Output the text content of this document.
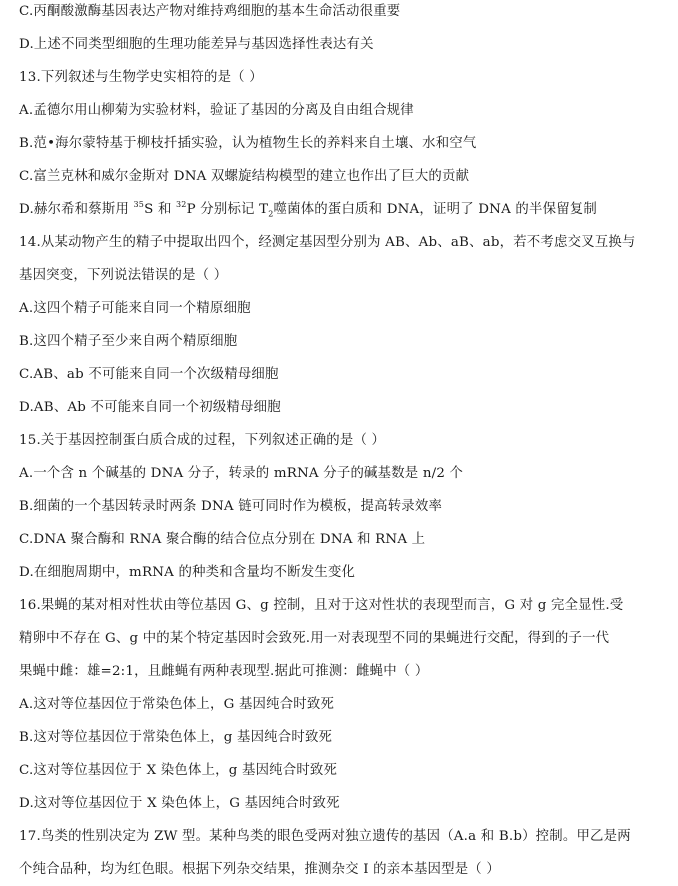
C.丙酮酸激酶基因表达产物对维持鸡细胞的基本生命活动很重要
D.上述不同类型细胞的生理功能差异与基因选择性表达有关
13.下列叙述与生物学史实相符的是（ ）
A.孟德尔用山柳菊为实验材料，验证了基因的分离及自由组合规律
B.范•海尔蒙特基于柳枝扦插实验，认为植物生长的养料来自土壤、水和空气
C.富兰克林和威尔金斯对 DNA 双螺旋结构模型的建立也作出了巨大的贡献
D.赫尔希和蔡斯用 $^{35}$S 和 $^{32}$P 分别标记 $T_2$噬菌体的蛋白质和 DNA，证明了 DNA 的半保留复制
14.从某动物产生的精子中提取出四个，经测定基因型分别为 AB、Ab、aB、ab，若不考虑交叉互换与
基因突变，下列说法错误的是（ ）
A.这四个精子可能来自同一个精原细胞
B.这四个精子至少来自两个精原细胞
C.AB、ab 不可能来自同一个次级精母细胞
D.AB、Ab 不可能来自同一个初级精母细胞
15.关于基因控制蛋白质合成的过程，下列叙述正确的是（ ）
A.一个含 n 个碱基的 DNA 分子，转录的 mRNA 分子的碱基数是 n/2 个
B.细菌的一个基因转录时两条 DNA 链可同时作为模板，提高转录效率
C.DNA 聚合酶和 RNA 聚合酶的结合位点分别在 DNA 和 RNA 上
D.在细胞周期中，mRNA 的种类和含量均不断发生变化
16.果蝇的某对相对性状由等位基因 G、g 控制，且对于这对性状的表现型而言，G 对 g 完全显性.受
精卵中不存在 G、g 中的某个特定基因时会致死.用一对表现型不同的果蝇进行交配，得到的子一代
果蝇中雌：雄=2:1，且雌蝇有两种表现型.据此可推测：雌蝇中（ ）
A.这对等位基因位于常染色体上，G 基因纯合时致死
B.这对等位基因位于常染色体上，g 基因纯合时致死
C.这对等位基因位于 X 染色体上，g 基因纯合时致死
D.这对等位基因位于 X 染色体上，G 基因纯合时致死
17.鸟类的性别决定为 ZW 型。某种鸟类的眼色受两对独立遗传的基因（A.a 和 B.b）控制。甲乙是两
个纯合品种，均为红色眼。根据下列杂交结果，推测杂交 I 的亲本基因型是（ ）
